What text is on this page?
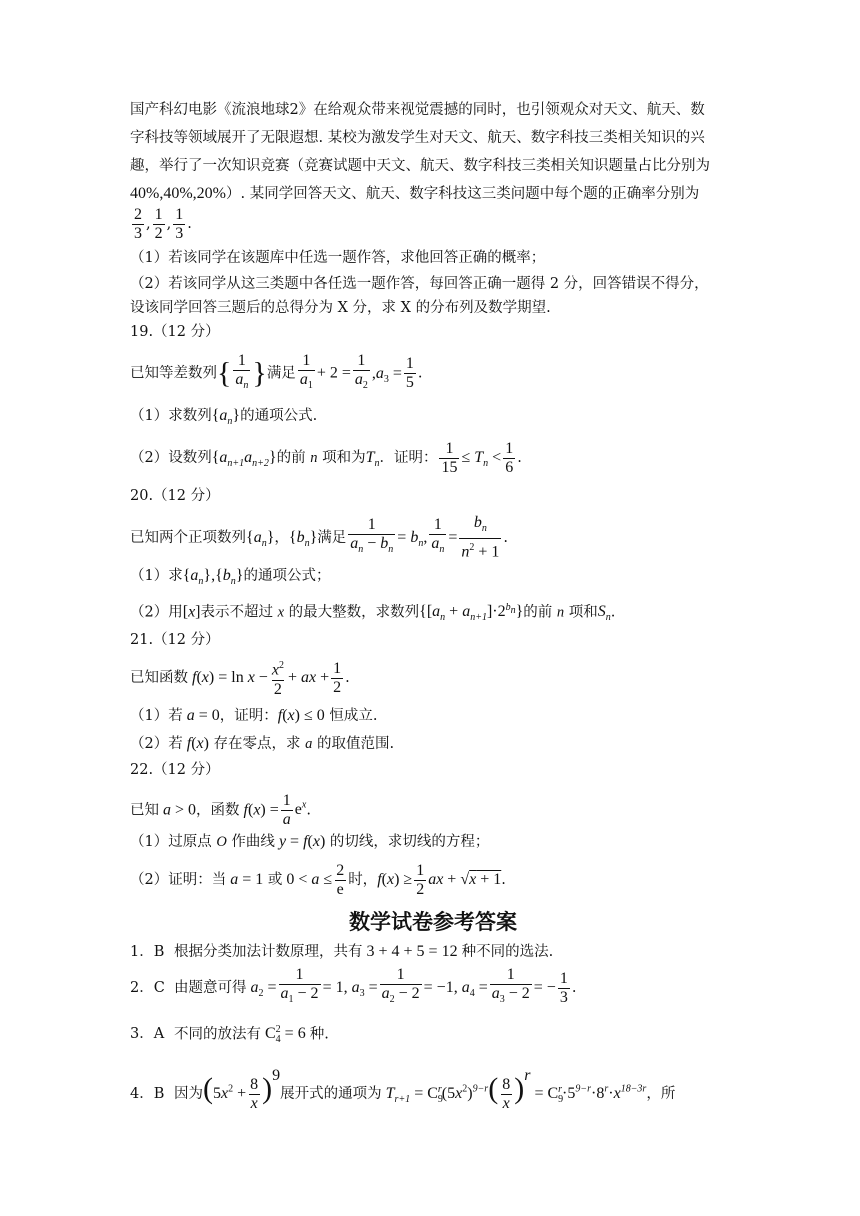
国产科幻电影《流浪地球2》在给观众带来视觉震撼的同时，也引领观众对天文、航天、数
字科技等领域展开了无限遐想. 某校为激发学生对天文、航天、数字科技三类相关知识的兴
趣，举行了一次知识竞赛（竞赛试题中天文、航天、数字科技三类相关知识题量占比分别为
40%,40%,20%）. 某同学回答天文、航天、数字科技这三类问题中每个题的正确率分别为
$\frac{2}{3}$ , $\frac{1}{2}$ , $\frac{1}{3}$ .
（1）若该同学在该题库中任选一题作答，求他回答正确的概率；
（2）若该同学从这三类题中各任选一题作答，每回答正确一题得 2 分，回答错误不得分，
设该同学回答三题后的总得分为 X 分，求 X 的分布列及数学期望.
19.（12 分）
已知等差数列{ $\frac{1}{a_n}$ }满足 $\frac{1}{a_1} + 2 = \frac{1}{a_2} ,a_3 = \frac{1}{5}$ .
（1）求数列$\{a_n\}$的通项公式.
（2）设数列$\{a_{n+1}a_{n+2}\}$的前 n 项和为$T_n$．证明： $\frac{1}{15} \le T_n < \frac{1}{6}$ .
20.（12 分）
已知两个正项数列$\{a_n\}$，$\{b_n\}$满足 $\frac{1}{a_n - b_n} = b_n$, $\frac{1}{a_n} = \frac{b_n}{n^2 + 1}$ .
（1）求$\{a_n\},\{b_n\}$的通项公式；
（2）用[x]表示不超过 x 的最大整数，求数列$\{[a_n + a_{n+1}]\cdot 2^{b_n}\}$的前 n 项和$S_n$.
21.（12 分）
已知函数 $f(x) = \ln x - \frac{x^2}{2}$ + ax + $\frac{1}{2}$ .
（1）若 a = 0，证明：f(x) ≤ 0 恒成立.
（2）若 f(x) 存在零点，求 a 的取值范围.
22.（12 分）
已知 a > 0，函数 $f(x) = \frac{1}{a} e^x$.
（1）过原点 O 作曲线 y = f(x) 的切线，求切线的方程；
（2）证明：当 a = 1 或 $0 < a \le \frac{2}{e}$ 时，$f(x) \ge \frac{1}{2}$ ax + √x + 1.
数学试卷参考答案
1．B 根据分类加法计数原理，共有 3 + 4 + 5 = 12 种不同的选法.
2．C 由题意可得 $a_2 = \frac{1}{a_1 - 2} = 1$, $a_3 = \frac{1}{a_2 - 2} = -1$, $a_4 = \frac{1}{a_3 - 2}$ = − $\frac{1}{3}$ .
3．A 不同的放法有 $C_4^2 = 6$ 种.
4．B 因为$(5x^2 + \frac{8}{x} )^9$展开式的通项为 $T_{r+1} = C_9^r(5x^2)^{9-r}( \frac{8}{x} )^r = C_9^r\cdot 5^{9-r}\cdot 8^r\cdot x^{18-3r}$，所
